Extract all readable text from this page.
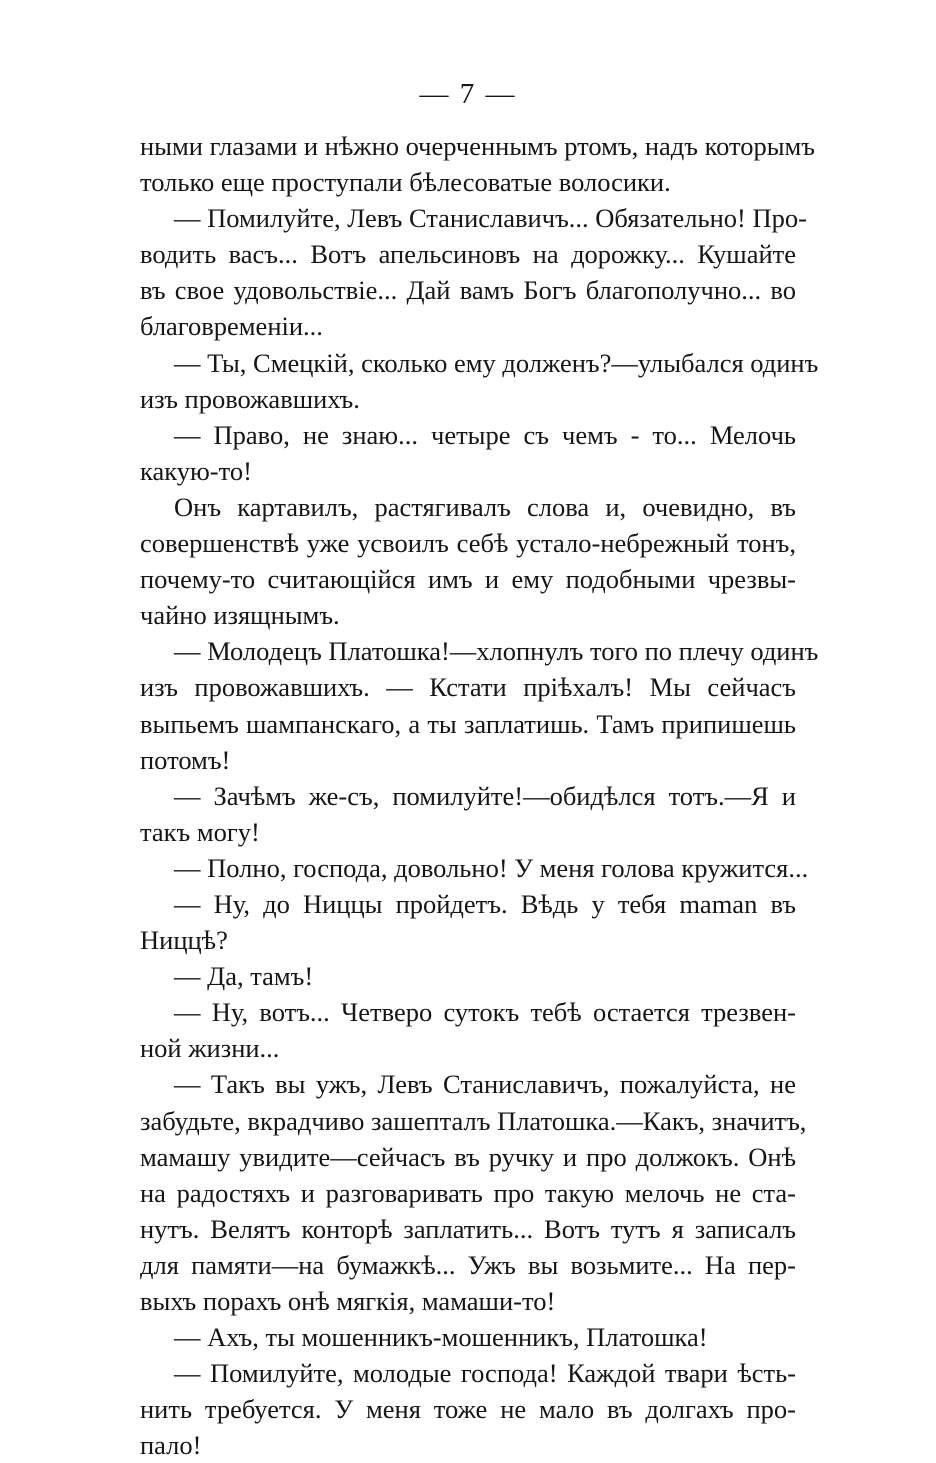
— 7 —
ными глазами и нѣжно очерченнымъ ртомъ, надъ которымъ
только еще проступали бѣлесоватые волосики.
— Помилуйте, Левъ Станиславичъ... Обязательно! Про-
водить васъ... Вотъ апельсиновъ на дорожку... Кушайте
въ свое удовольствіе... Дай вамъ Богъ благополучно... во
благовременіи...
— Ты, Смецкій, сколько ему долженъ?—улыбался одинъ
изъ провожавшихъ.
— Право, не знаю... четыре съ чемъ - то... Мелочь
какую-то!
Онъ картавилъ, растягивалъ слова и, очевидно, въ
совершенствѣ уже усвоилъ себѣ устало-небрежный тонъ,
почему-то считающійся имъ и ему подобными чрезвы-
чайно изящнымъ.
— Молодецъ Платошка!—хлопнулъ того по плечу одинъ
изъ провожавшихъ. — Кстати пріѣхалъ! Мы сейчасъ
выпьемъ шампанскаго, а ты заплатишь. Тамъ припишешь
потомъ!
— Зачѣмъ же-съ, помилуйте!—обидѣлся тотъ.—Я и
такъ могу!
— Полно, господа, довольно! У меня голова кружится...
— Ну, до Ниццы пройдетъ. Вѣдь у тебя maman въ
Ниццѣ?
— Да, тамъ!
— Ну, вотъ... Четверо сутокъ тебѣ остается трезвен-
ной жизни...
— Такъ вы ужъ, Левъ Станиславичъ, пожалуйста, не
забудьте, вкрадчиво зашепталъ Платошка.—Какъ, значитъ,
мамашу увидите—сейчасъ въ ручку и про должокъ. Онѣ
на радостяхъ и разговаривать про такую мелочь не ста-
нутъ. Велятъ конторѣ заплатить... Вотъ тутъ я записалъ
для памяти—на бумажкѣ... Ужъ вы возьмите... На пер-
выхъ порахъ онѣ мягкія, мамаши-то!
— Ахъ, ты мошенникъ-мошенникъ, Платошка!
— Помилуйте, молодые господа! Каждой твари ѣсть-
нить требуется. У меня тоже не мало въ долгахъ про-
пало!
